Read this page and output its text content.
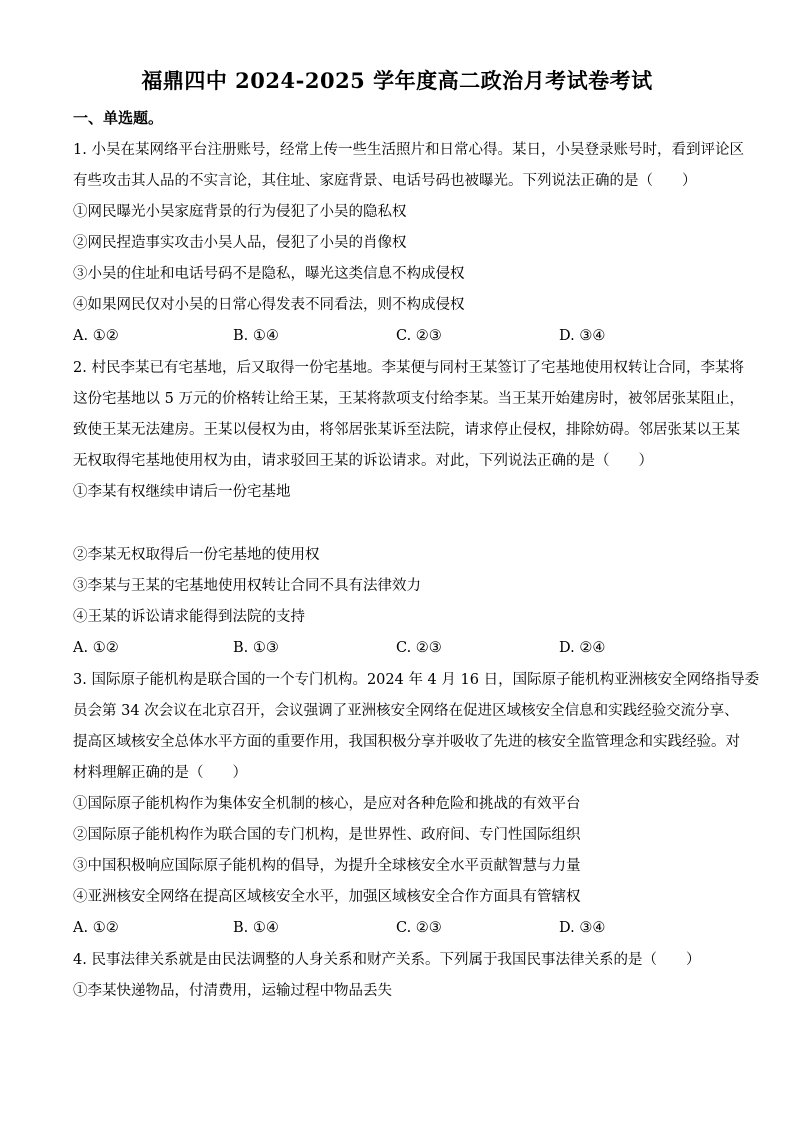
福鼎四中 2024-2025 学年度高二政治月考试卷考试
一、单选题。
1. 小吴在某网络平台注册账号，经常上传一些生活照片和日常心得。某日，小吴登录账号时，看到评论区
有些攻击其人品的不实言论，其住址、家庭背景、电话号码也被曝光。下列说法正确的是（　　）
①网民曝光小吴家庭背景的行为侵犯了小吴的隐私权
②网民捏造事实攻击小吴人品，侵犯了小吴的肖像权
③小吴的住址和电话号码不是隐私，曝光这类信息不构成侵权
④如果网民仅对小吴的日常心得发表不同看法，则不构成侵权
A. ①②	B. ①④	C. ②③	D. ③④
2. 村民李某已有宅基地，后又取得一份宅基地。李某便与同村王某签订了宅基地使用权转让合同，李某将
这份宅基地以 5 万元的价格转让给王某，王某将款项支付给李某。当王某开始建房时，被邻居张某阻止，
致使王某无法建房。王某以侵权为由，将邻居张某诉至法院，请求停止侵权，排除妨碍。邻居张某以王某
无权取得宅基地使用权为由，请求驳回王某的诉讼请求。对此，下列说法正确的是（　　）
①李某有权继续申请后一份宅基地
②李某无权取得后一份宅基地的使用权
③李某与王某的宅基地使用权转让合同不具有法律效力
④王某的诉讼请求能得到法院的支持
A. ①②	B. ①③	C. ②③	D. ②④
3. 国际原子能机构是联合国的一个专门机构。2024 年 4 月 16 日，国际原子能机构亚洲核安全网络指导委
员会第 34 次会议在北京召开，会议强调了亚洲核安全网络在促进区域核安全信息和实践经验交流分享、
提高区域核安全总体水平方面的重要作用，我国积极分享并吸收了先进的核安全监管理念和实践经验。对
材料理解正确的是（　　）
①国际原子能机构作为集体安全机制的核心，是应对各种危险和挑战的有效平台
②国际原子能机构作为联合国的专门机构，是世界性、政府间、专门性国际组织
③中国积极响应国际原子能机构的倡导，为提升全球核安全水平贡献智慧与力量
④亚洲核安全网络在提高区域核安全水平，加强区域核安全合作方面具有管辖权
A. ①②	B. ①④	C. ②③	D. ③④
4. 民事法律关系就是由民法调整的人身关系和财产关系。下列属于我国民事法律关系的是（　　）
①李某快递物品，付清费用，运输过程中物品丢失
